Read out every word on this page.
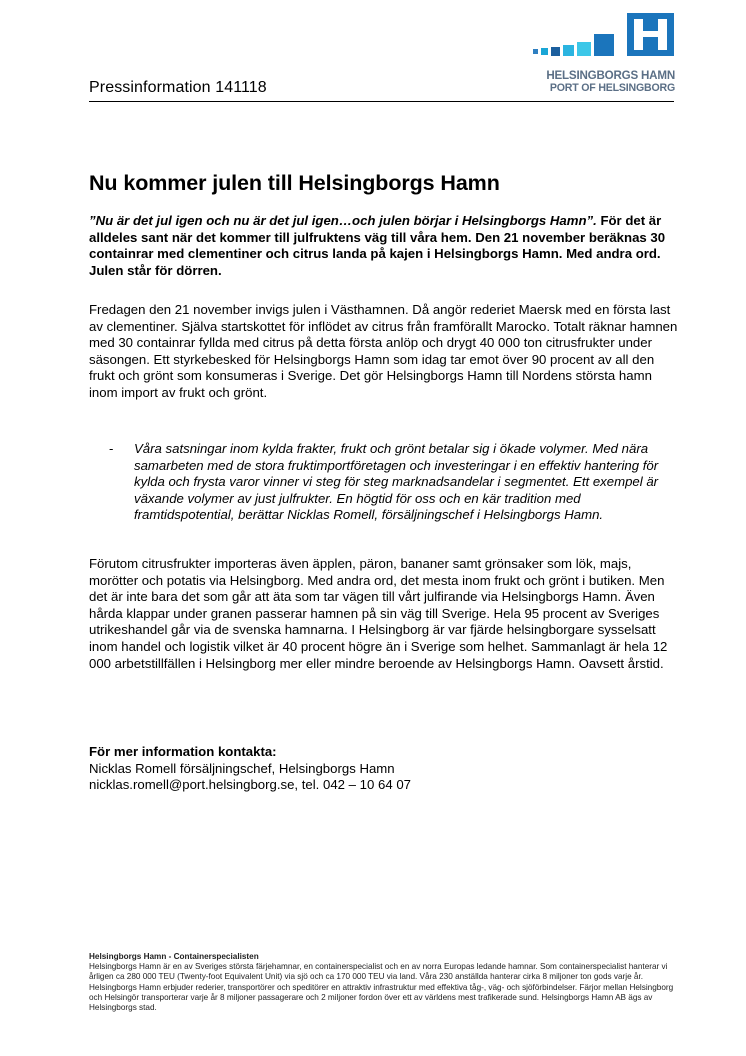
Pressinformation 141118
HELSINGBORGS HAMN
PORT OF HELSINGBORG
Nu kommer julen till Helsingborgs Hamn

”Nu är det jul igen och nu är det jul igen…och julen börjar i Helsingborgs Hamn”. För det är alldeles sant när det kommer till julfruktens väg till våra hem. Den 21 november beräknas 30 containrar med clementiner och citrus landa på kajen i Helsingborgs Hamn. Med andra ord. Julen står för dörren.

Fredagen den 21 november invigs julen i Västhamnen. Då angör rederiet Maersk med en första last av clementiner. Själva startskottet för inflödet av citrus från framförallt Marocko. Totalt räknar hamnen med 30 containrar fyllda med citrus på detta första anlöp och drygt 40 000 ton citrusfrukter under säsongen. Ett styrkebesked för Helsingborgs Hamn som idag tar emot över 90 procent av all den frukt och grönt som konsumeras i Sverige. Det gör Helsingborgs Hamn till Nordens största hamn inom import av frukt och grönt.

- Våra satsningar inom kylda frakter, frukt och grönt betalar sig i ökade volymer. Med nära samarbeten med de stora fruktimportföretagen och investeringar i en effektiv hantering för kylda och frysta varor vinner vi steg för steg marknadsandelar i segmentet. Ett exempel är växande volymer av just julfrukter. En högtid för oss och en kär tradition med framtidspotential, berättar Nicklas Romell, försäljningschef i Helsingborgs Hamn.

Förutom citrusfrukter importeras även äpplen, päron, bananer samt grönsaker som lök, majs, morötter och potatis via Helsingborg. Med andra ord, det mesta inom frukt och grönt i butiken. Men det är inte bara det som går att äta som tar vägen till vårt julfirande via Helsingborgs Hamn. Även hårda klappar under granen passerar hamnen på sin väg till Sverige. Hela 95 procent av Sveriges utrikeshandel går via de svenska hamnarna. I Helsingborg är var fjärde helsingborgare sysselsatt inom handel och logistik vilket är 40 procent högre än i Sverige som helhet. Sammanlagt är hela 12 000 arbetstillfällen i Helsingborg mer eller mindre beroende av Helsingborgs Hamn. Oavsett årstid.

För mer information kontakta:
Nicklas Romell försäljningschef, Helsingborgs Hamn
nicklas.romell@port.helsingborg.se, tel. 042 – 10 64 07
Helsingborgs Hamn - Containerspecialisten

Helsingborgs Hamn är en av Sveriges största färjehamnar, en containerspecialist och en av norra Europas ledande hamnar. Som containerspecialist hanterar vi årligen ca 280 000 TEU (Twenty-foot Equivalent Unit) via sjö och ca 170 000 TEU via land. Våra 230 anställda hanterar cirka 8 miljoner ton gods varje år. Helsingborgs Hamn erbjuder rederier, transportörer och speditörer en attraktiv infrastruktur med effektiva tåg-, väg- och sjöförbindelser. Färjor mellan Helsingborg och Helsingör transporterar varje år 8 miljoner passagerare och 2 miljoner fordon över ett av världens mest trafikerade sund. Helsingborgs Hamn AB ägs av Helsingborgs stad.
